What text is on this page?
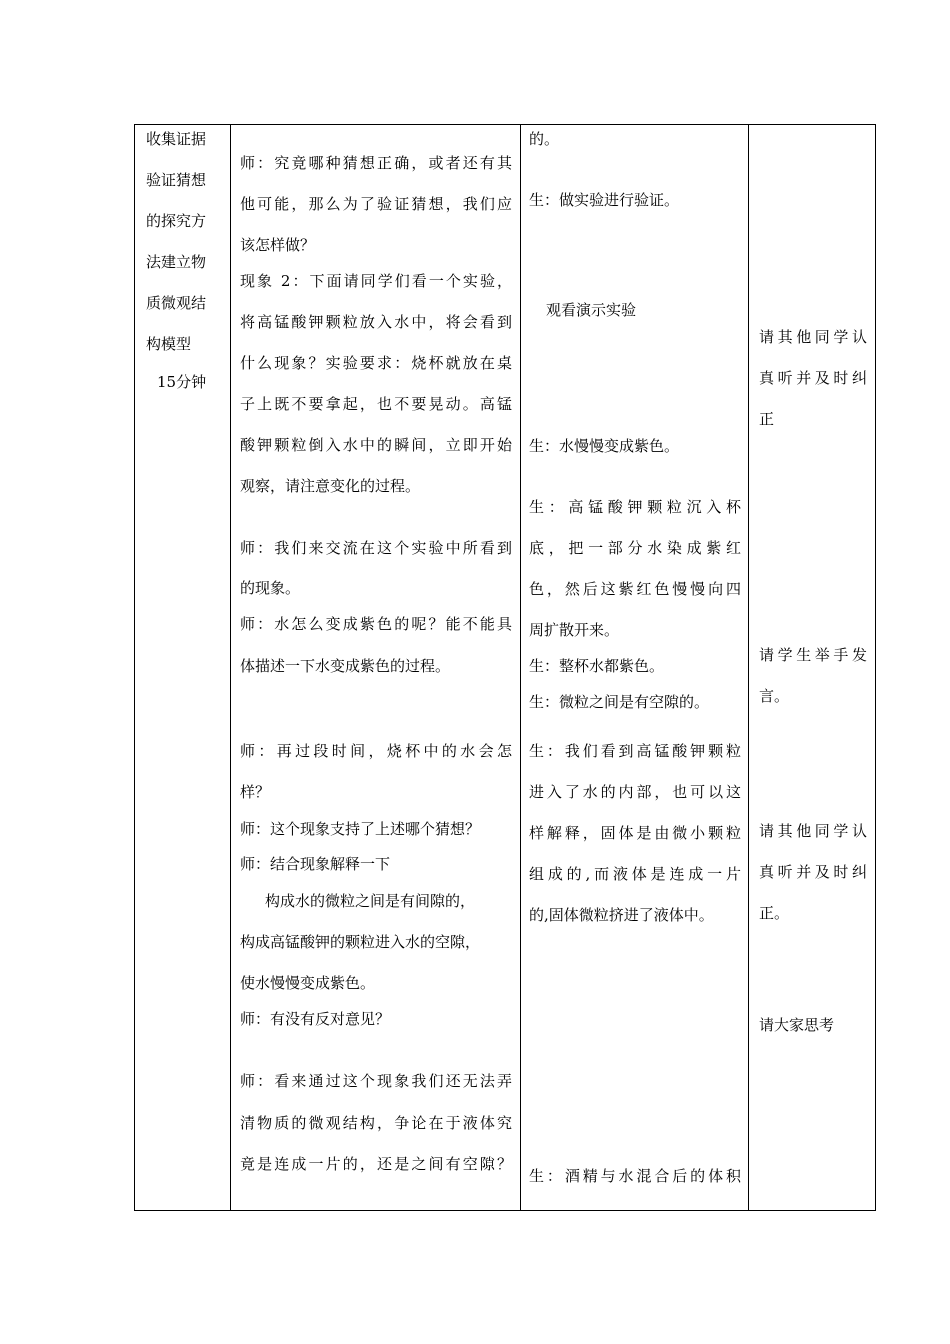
收集证据
验证猜想
的探究方
法建立物
质微观结
构模型
15分钟
师：究竟哪种猜想正确，或者还有其
他可能，那么为了验证猜想，我们应
该怎样做？
现象 2：下面请同学们看一个实验，
将高锰酸钾颗粒放入水中，将会看到
什么现象？实验要求：烧杯就放在桌
子上既不要拿起，也不要晃动。高锰
酸钾颗粒倒入水中的瞬间，立即开始
观察，请注意变化的过程。
师：我们来交流在这个实验中所看到
的现象。
师：水怎么变成紫色的呢？能不能具
体描述一下水变成紫色的过程。
师：再过段时间，烧杯中的水会怎
样？
师：这个现象支持了上述哪个猜想？
师：结合现象解释一下
构成水的微粒之间是有间隙的，
构成高锰酸钾的颗粒进入水的空隙，
使水慢慢变成紫色。
师：有没有反对意见？
师：看来通过这个现象我们还无法弄
清物质的微观结构，争论在于液体究
竟是连成一片的，还是之间有空隙？
的。
生：做实验进行验证。
观看演示实验
生：水慢慢变成紫色。
生：高锰酸钾颗粒沉入杯
底，把一部分水染成紫红
色，然后这紫红色慢慢向四
周扩散开来。
生：整杯水都紫色。
生：微粒之间是有空隙的。
生：我们看到高锰酸钾颗粒
进入了水的内部，也可以这
样解释，固体是由微小颗粒
组成的,而液体是连成一片
的,固体微粒挤进了液体中。
生：酒精与水混合后的体积
请其他同学认
真听并及时纠
正
请学生举手发
言。
请其他同学认
真听并及时纠
正。
请大家思考
